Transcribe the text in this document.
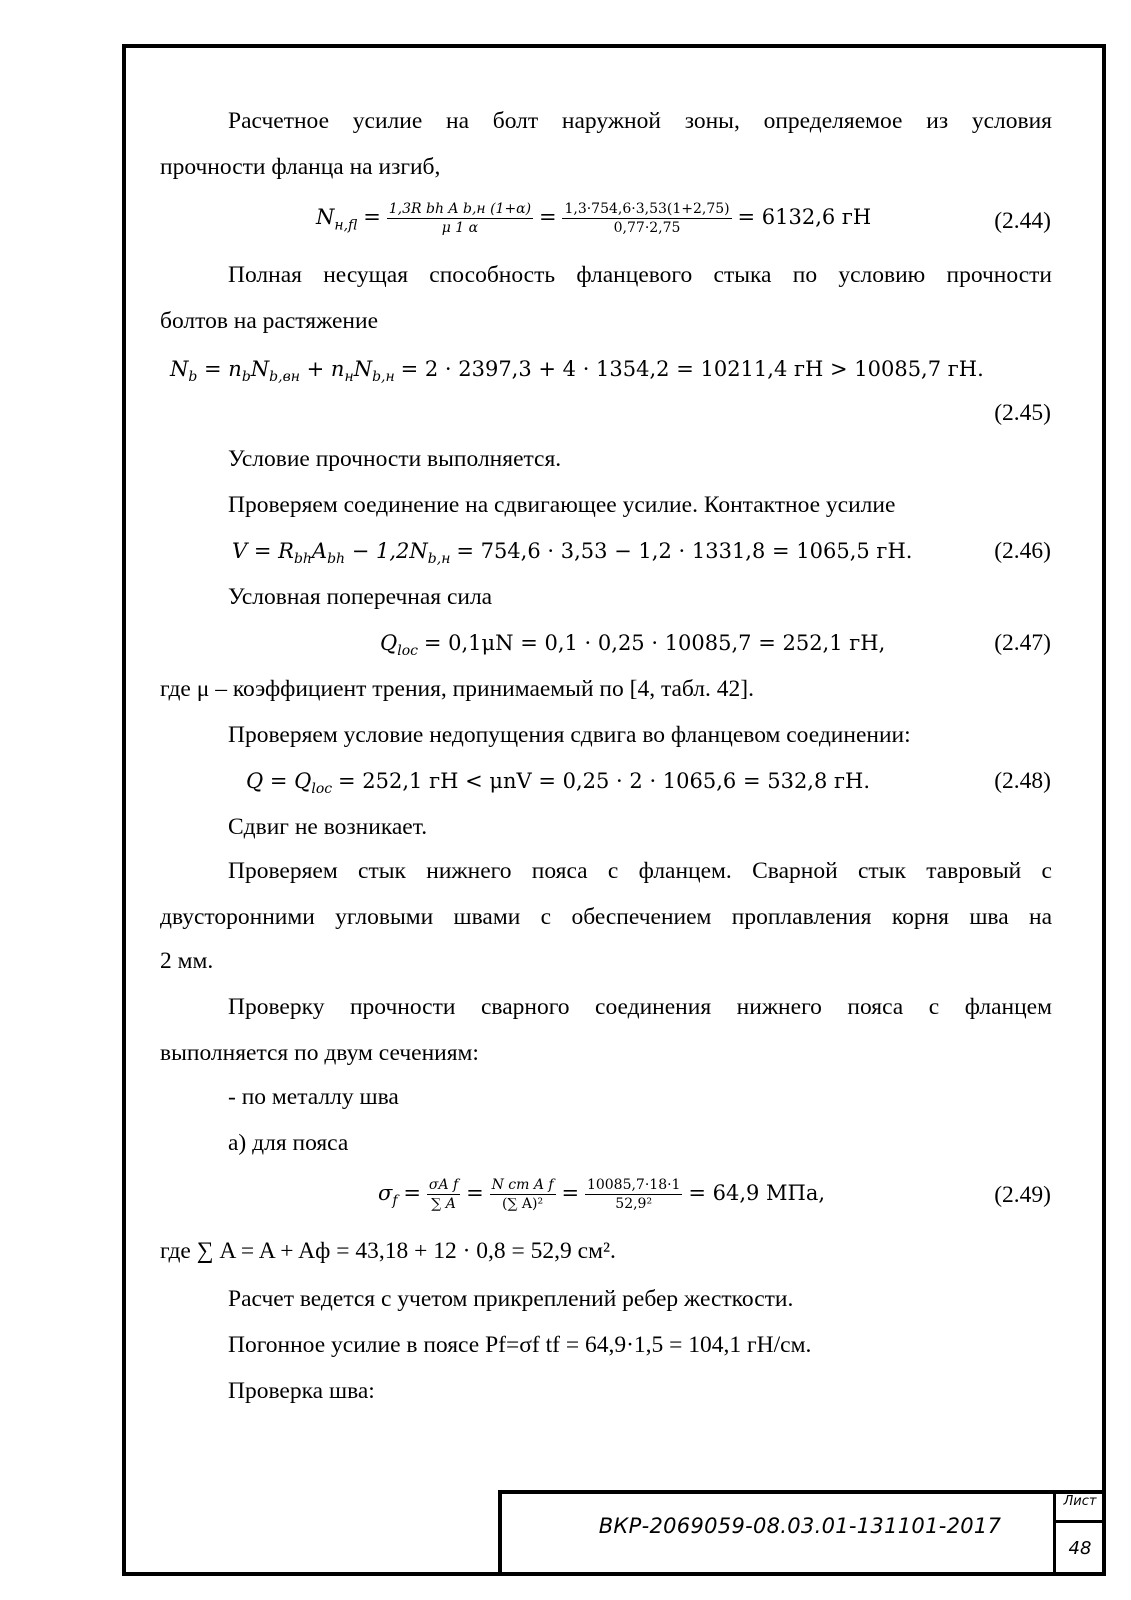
Расчетное усилие на болт наружной зоны, определяемое из условия
прочности фланца на изгиб,
$N_{н,fl} = \frac{\text{1,3R bh A b,н (1+α)}}{\mu 1 \alpha} = \frac{1,3\cdot 754,6\cdot 3,53(1+2,75)}{0,77\cdot 2,75} = 6132,6$ гН	(2.44)
Полная несущая способность фланцевого стыка по условию прочности
болтов на растяжение
$N_b = n_bN_{b,вн} + n_нN_{b,н} = 2 \cdot 2397,3 + 4 \cdot 1354,2 = 10211,4$ гН > 10085,7 гН.
(2.45)
Условие прочности выполняется.
Проверяем соединение на сдвигающее усилие. Контактное усилие
$V = R_{bh}A_{bh} - 1,2N_{b,н} = 754,6 \cdot 3,53 - 1,2 \cdot 1331,8 = 1065,5$ гН.	(2.46)
Условная поперечная сила
$Q_{loc} = 0,1\mu N = 0,1 \cdot 0,25 \cdot 10085,7 = 252,1$ гН,	(2.47)
где μ – коэффициент трения, принимаемый по [4, табл. 42].
Проверяем условие недопущения сдвига во фланцевом соединении:
$Q = Q_{loc} = 252,1$ гН < μnV = 0,25 · 2 · 1065,6 = 532,8 гН.	(2.48)
Сдвиг не возникает.
Проверяем стык нижнего пояса с фланцем. Сварной стык тавровый с
двусторонними угловыми швами с обеспечением проплавления корня шва на
2 мм.
Проверку прочности сварного соединения нижнего пояса с фланцем
выполняется по двум сечениям:
- по металлу шва
а) для пояса
$\sigma_f = \frac{\text{σA f}}{\sum A} = \frac{\text{N ст A f}}{\text{(∑ A)²}} = \frac{10085,7\cdot 18\cdot 1}{\text{52,9²}} = 64,9$ МПа,	(2.49)
где ∑ A = A + Aф = 43,18 + 12 · 0,8 = 52,9 см².
Расчет ведется с учетом прикреплений ребер жесткости.
Погонное усилие в поясе Pf=σf tf = 64,9·1,5 = 104,1 гН/см.
Проверка шва:
ВКР-2069059-08.03.01-131101-2017
Лист
48
